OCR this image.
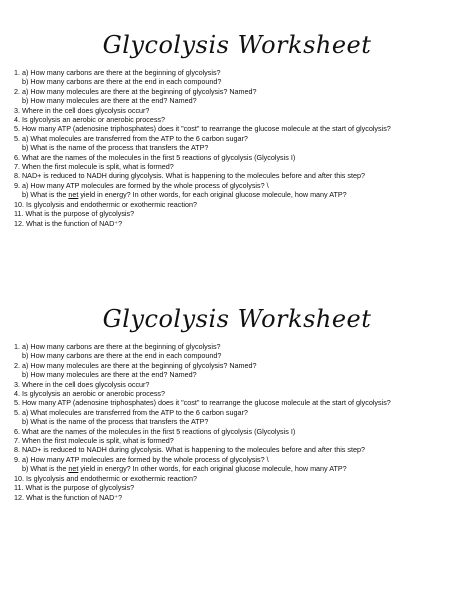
Glycolysis Worksheet
1. a) How many carbons are there at the beginning of glycolysis?
b) How many carbons are there at the end in each compound?
2. a) How many molecules are there at the beginning of glycolysis? Named?
b) How many molecules are there at the end? Named?
3. Where in the cell does glycolysis occur?
4. Is glycolysis an aerobic or anerobic process?
5. How many ATP (adenosine triphosphates) does it "cost" to rearrange the glucose molecule at the start of glycolysis?
5. a) What molecules are transferred from the ATP to the 6 carbon sugar?
b) What is the name of the process that transfers the ATP?
6. What are the names of the molecules in the first 5 reactions of glycolysis (Glycolysis I)
7. When the first molecule is split, what is formed?
8. NAD+ is reduced to NADH during glycolysis. What is happening to the molecules before and after this step?
9. a) How many ATP molecules are formed by the whole process of glycolysis? \
b) What is the net yield in energy? In other words, for each original glucose molecule, how many ATP?
10. Is glycolysis and endothermic or exothermic reaction?
11. What is the purpose of glycolysis?
12. What is the function of NAD⁺?
Glycolysis Worksheet
1. a) How many carbons are there at the beginning of glycolysis?
b) How many carbons are there at the end in each compound?
2. a) How many molecules are there at the beginning of glycolysis? Named?
b) How many molecules are there at the end? Named?
3. Where in the cell does glycolysis occur?
4. Is glycolysis an aerobic or anerobic process?
5. How many ATP (adenosine triphosphates) does it "cost" to rearrange the glucose molecule at the start of glycolysis?
5. a) What molecules are transferred from the ATP to the 6 carbon sugar?
b) What is the name of the process that transfers the ATP?
6. What are the names of the molecules in the first 5 reactions of glycolysis (Glycolysis I)
7. When the first molecule is split, what is formed?
8. NAD+ is reduced to NADH during glycolysis. What is happening to the molecules before and after this step?
9. a) How many ATP molecules are formed by the whole process of glycolysis? \
b) What is the net yield in energy? In other words, for each original glucose molecule, how many ATP?
10. Is glycolysis and endothermic or exothermic reaction?
11. What is the purpose of glycolysis?
12. What is the function of NAD⁺?
